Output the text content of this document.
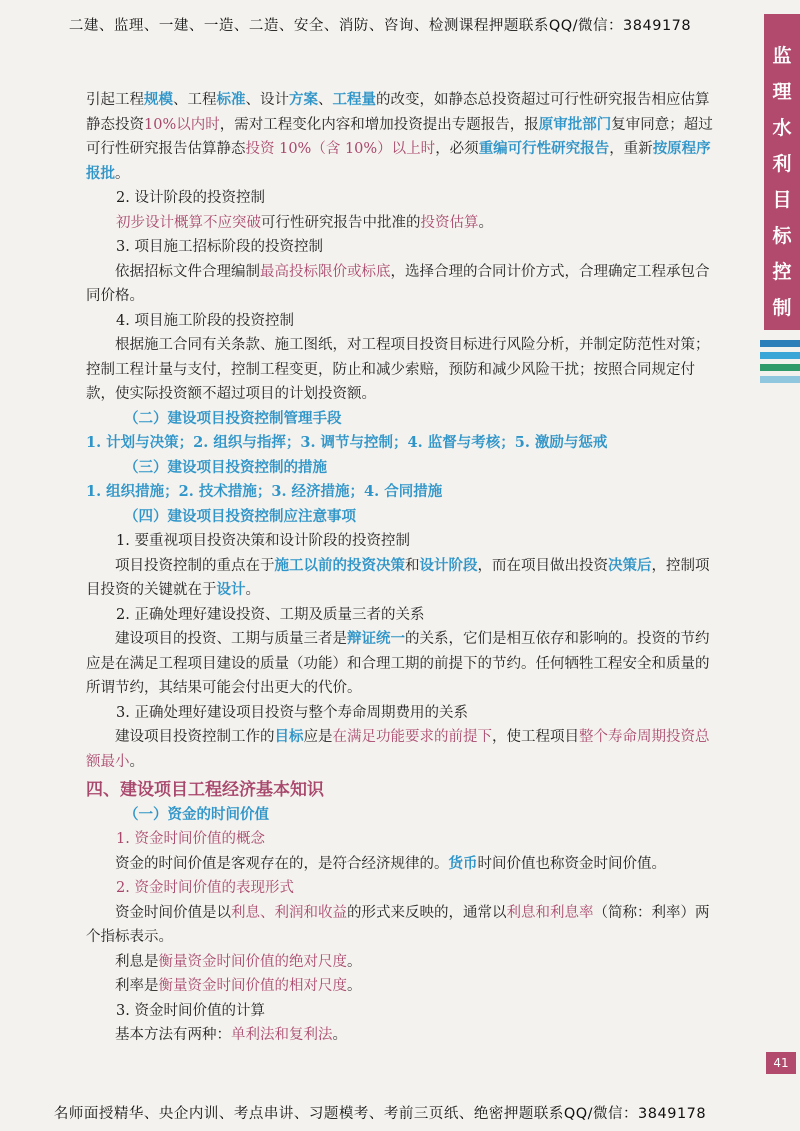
二建、监理、一建、一造、二造、安全、消防、咨询、检测课程押题联系QQ/微信：3849178
监
理
水
利
目
标
控
制

引起工程规模、工程标准、设计方案、工程量的改变，如静态总投资超过可行性研究报告相应估算静态投资10%以内时，需对工程变化内容和增加投资提出专题报告，报原审批部门复审同意；超过可行性研究报告估算静态投资 10%（含 10%）以上时，必须重编可行性研究报告，重新按原程序报批。

2. 设计阶段的投资控制

初步设计概算不应突破可行性研究报告中批准的投资估算。

3. 项目施工招标阶段的投资控制

依据招标文件合理编制最高投标限价或标底，选择合理的合同计价方式，合理确定工程承包合同价格。

4. 项目施工阶段的投资控制

根据施工合同有关条款、施工图纸，对工程项目投资目标进行风险分析，并制定防范性对策；控制工程计量与支付，控制工程变更，防止和减少索赔，预防和减少风险干扰；按照合同规定付款，使实际投资额不超过项目的计划投资额。

（二）建设项目投资控制管理手段

1. 计划与决策；2. 组织与指挥；3. 调节与控制；4. 监督与考核；5. 激励与惩戒

（三）建设项目投资控制的措施

1. 组织措施；2. 技术措施；3. 经济措施；4. 合同措施

（四）建设项目投资控制应注意事项

1. 要重视项目投资决策和设计阶段的投资控制

项目投资控制的重点在于施工以前的投资决策和设计阶段，而在项目做出投资决策后，控制项目投资的关键就在于设计。

2. 正确处理好建设投资、工期及质量三者的关系

建设项目的投资、工期与质量三者是辩证统一的关系，它们是相互依存和影响的。投资的节约应是在满足工程项目建设的质量（功能）和合理工期的前提下的节约。任何牺牲工程安全和质量的所谓节约，其结果可能会付出更大的代价。

3. 正确处理好建设项目投资与整个寿命周期费用的关系

建设项目投资控制工作的目标应是在满足功能要求的前提下，使工程项目整个寿命周期投资总额最小。

四、建设项目工程经济基本知识

（一）资金的时间价值

1. 资金时间价值的概念

资金的时间价值是客观存在的，是符合经济规律的。货币时间价值也称资金时间价值。

2. 资金时间价值的表现形式

资金时间价值是以利息、利润和收益的形式来反映的，通常以利息和利息率（简称：利率）两个指标表示。

利息是衡量资金时间价值的绝对尺度。

利率是衡量资金时间价值的相对尺度。

3. 资金时间价值的计算

基本方法有两种：单利法和复利法。

41
名师面授精华、央企内训、考点串讲、习题模考、考前三页纸、绝密押题联系QQ/微信：3849178
